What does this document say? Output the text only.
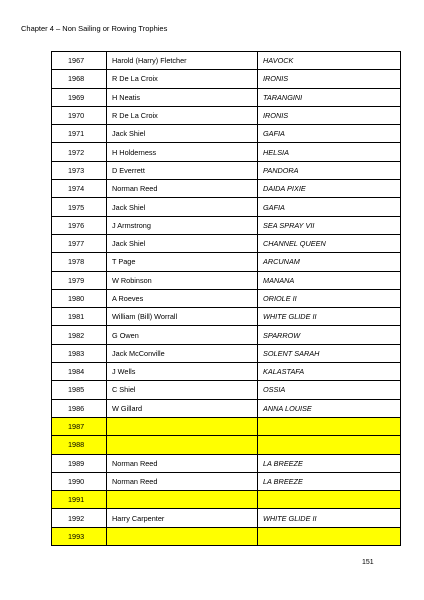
Chapter 4 – Non Sailing or Rowing Trophies
1967	Harold (Harry) Fletcher	HAVOCK
1968	R De La Croix	IRONIS
1969	H Neatis	TARANGINI
1970	R De La Croix	IRONIS
1971	Jack Shiel	GAFIA
1972	H Holderness	HELSIA
1973	D Everrett	PANDORA
1974	Norman Reed	DAIDA PIXIE
1975	Jack Shiel	GAFIA
1976	J Armstrong	SEA SPRAY VII
1977	Jack Shiel	CHANNEL QUEEN
1978	T Page	ARCUNAM
1979	W Robinson	MANANA
1980	A Roeves	ORIOLE II
1981	William (Bill) Worrall	WHITE GLIDE II
1982	G Owen	SPARROW
1983	Jack McConville	SOLENT SARAH
1984	J Wells	KALASTAFA
1985	C Shiel	OSSIA
1986	W Gillard	ANNA LOUISE
1987		
1988		
1989	Norman Reed	LA BREEZE
1990	Norman Reed	LA BREEZE
1991		
1992	Harry Carpenter	WHITE GLIDE II
1993		
151
